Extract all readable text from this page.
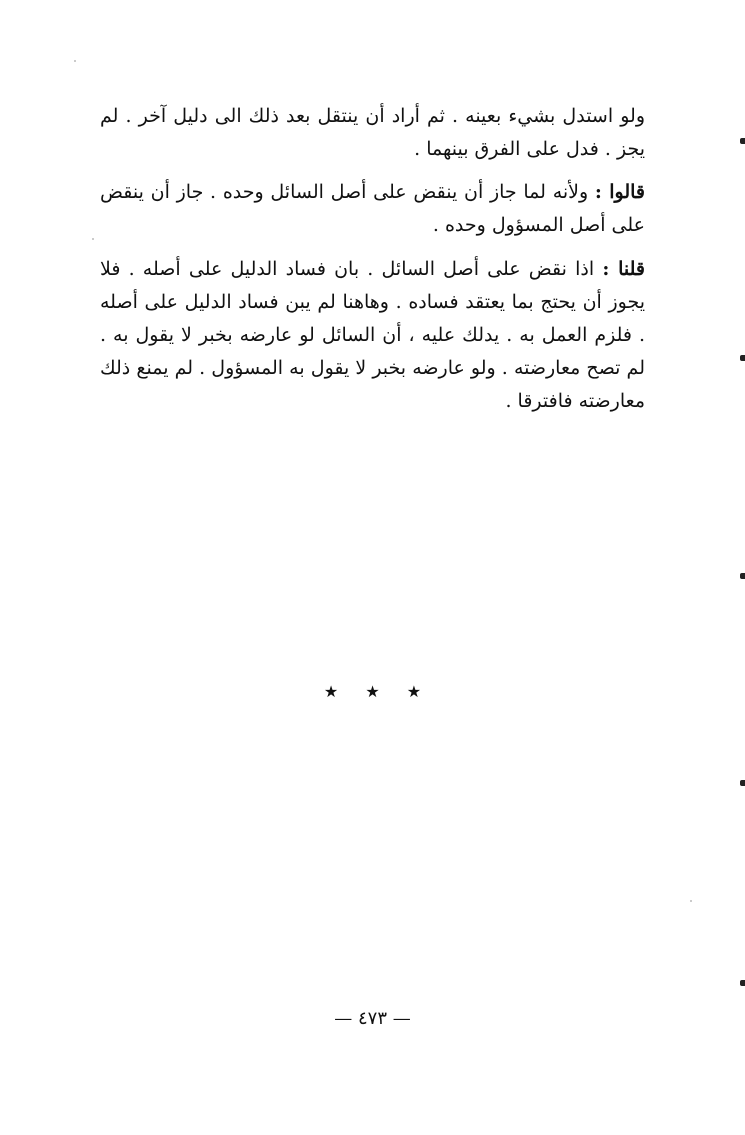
ولو استدل بشيء بعينه . ثم أراد أن ينتقل بعد ذلك الى دليل آخر . لم يجز . فدل على الفرق بينهما .

قالوا : ولأنه لما جاز أن ينقض على أصل السائل وحده . جاز أن ينقض على أصل المسؤول وحده .

قلنا : اذا نقض على أصل السائل . بان فساد الدليل على أصله . فلا يجوز أن يحتج بما يعتقد فساده . وهاهنا لم يبن فساد الدليل على أصله . فلزم العمل به . يدلك عليه ، أن السائل لو عارضه بخبر لا يقول به . لم تصح معارضته . ولو عارضه بخبر لا يقول به المسؤول . لم يمنع ذلك معارضته فافترقا .

★ ★ ★
— ٤٧٣ —
